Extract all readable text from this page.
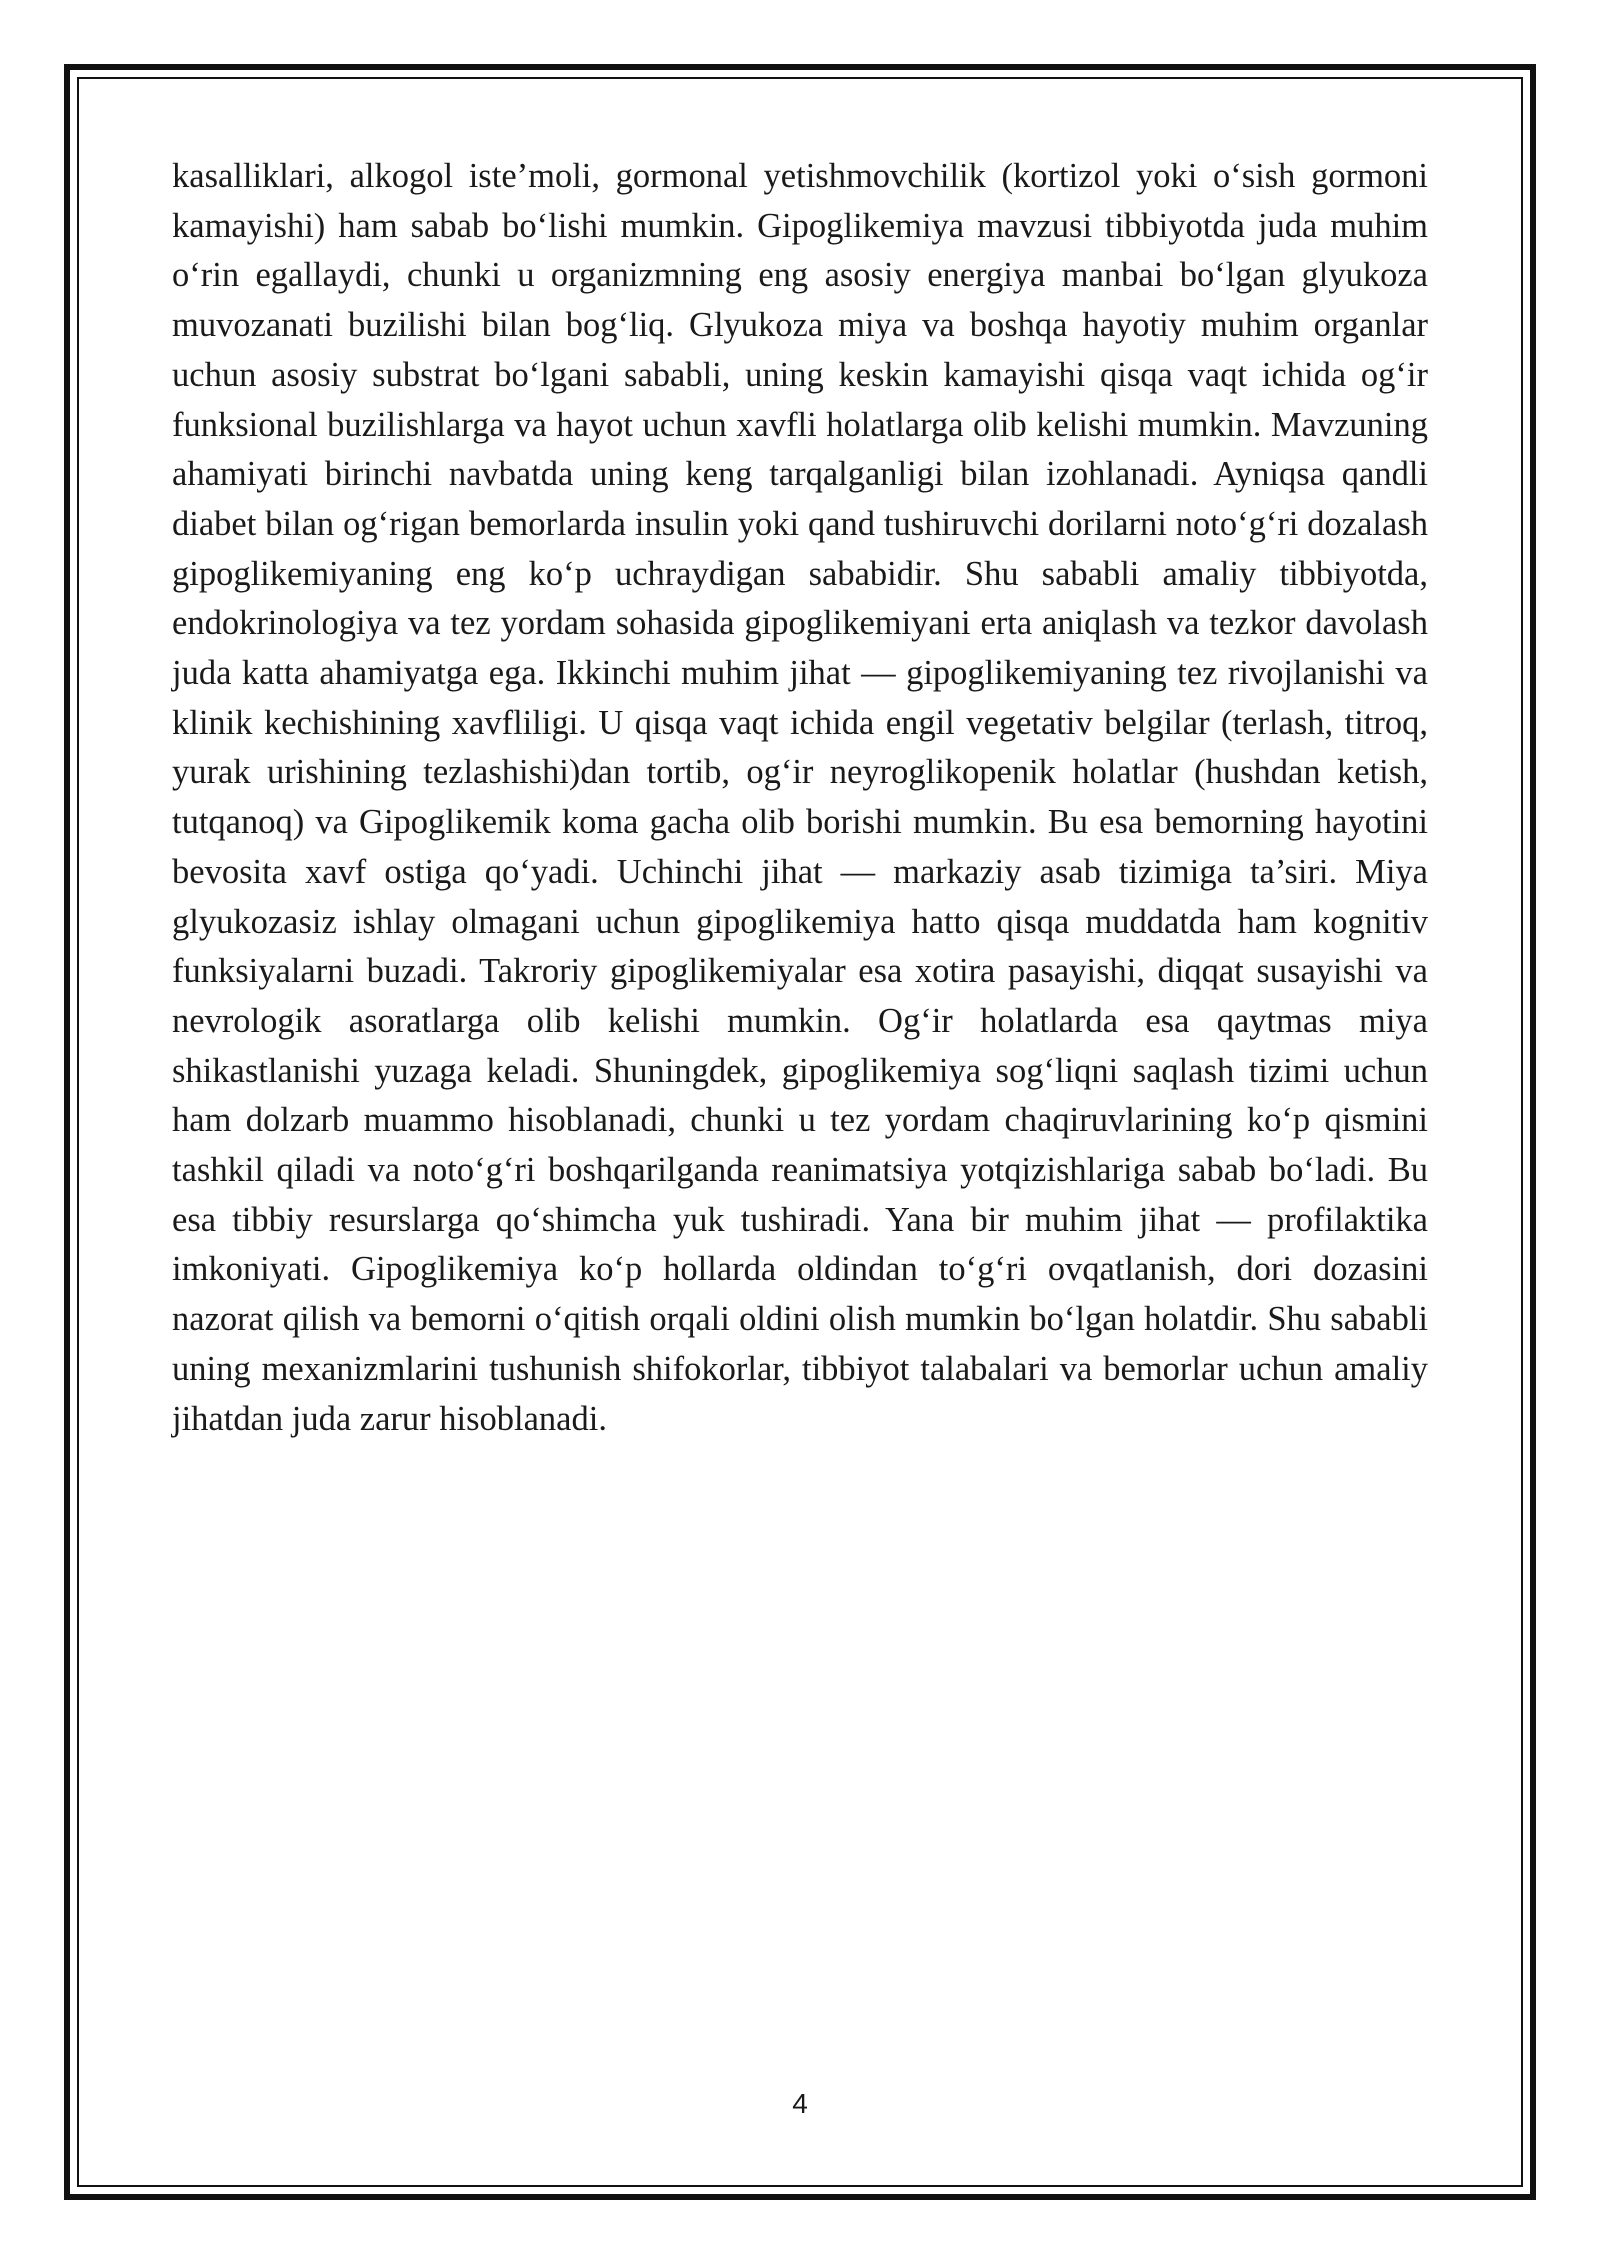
kasalliklari, alkogol iste’moli, gormonal yetishmovchilik (kortizol yoki o‘sish gormoni kamayishi) ham sabab bo‘lishi mumkin. Gipoglikemiya mavzusi tibbiyotda juda muhim o‘rin egallaydi, chunki u organizmning eng asosiy energiya manbai bo‘lgan glyukoza muvozanati buzilishi bilan bog‘liq. Glyukoza miya va boshqa hayotiy muhim organlar uchun asosiy substrat bo‘lgani sababli, uning keskin kamayishi qisqa vaqt ichida og‘ir funksional buzilishlarga va hayot uchun xavfli holatlarga olib kelishi mumkin. Mavzuning ahamiyati birinchi navbatda uning keng tarqalganligi bilan izohlanadi. Ayniqsa qandli diabet bilan og‘rigan bemorlarda insulin yoki qand tushiruvchi dorilarni noto‘g‘ri dozalash gipoglikemiyaning eng ko‘p uchraydigan sababidir. Shu sababli amaliy tibbiyotda, endokrinologiya va tez yordam sohasida gipoglikemiyani erta aniqlash va tezkor davolash juda katta ahamiyatga ega. Ikkinchi muhim jihat — gipoglikemiyaning tez rivojlanishi va klinik kechishining xavfliligi. U qisqa vaqt ichida engil vegetativ belgilar (terlash, titroq, yurak urishining tezlashishi)dan tortib, og‘ir neyroglikopenik holatlar (hushdan ketish, tutqanoq) va Gipoglikemik koma gacha olib borishi mumkin. Bu esa bemorning hayotini bevosita xavf ostiga qo‘yadi. Uchinchi jihat — markaziy asab tizimiga ta’siri. Miya glyukozasiz ishlay olmagani uchun gipoglikemiya hatto qisqa muddatda ham kognitiv funksiyalarni buzadi. Takroriy gipoglikemiyalar esa xotira pasayishi, diqqat susayishi va nevrologik asoratlarga olib kelishi mumkin. Og‘ir holatlarda esa qaytmas miya shikastlanishi yuzaga keladi. Shuningdek, gipoglikemiya sog‘liqni saqlash tizimi uchun ham dolzarb muammo hisoblanadi, chunki u tez yordam chaqiruvlarining ko‘p qismini tashkil qiladi va noto‘g‘ri boshqarilganda reanimatsiya yotqizishlariga sabab bo‘ladi. Bu esa tibbiy resurslarga qo‘shimcha yuk tushiradi. Yana bir muhim jihat — profilaktika imkoniyati. Gipoglikemiya ko‘p hollarda oldindan to‘g‘ri ovqatlanish, dori dozasini nazorat qilish va bemorni o‘qitish orqali oldini olish mumkin bo‘lgan holatdir. Shu sababli uning mexanizmlarini tushunish shifokorlar, tibbiyot talabalari va bemorlar uchun amaliy jihatdan juda zarur hisoblanadi.

4
